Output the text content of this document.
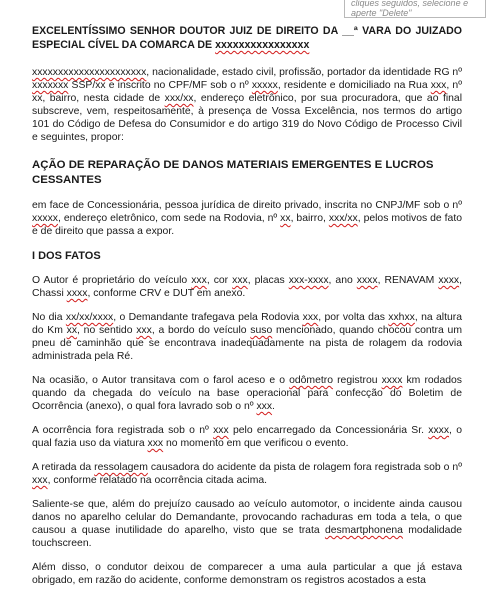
cliques seguidos, selecione e aperte "Delete"

EXCELENTÍSSIMO SENHOR DOUTOR JUIZ DE DIREITO DA __ª VARA DO JUIZADO ESPECIAL CÍVEL DA COMARCA DE xxxxxxxxxxxxxxxx

xxxxxxxxxxxxxxxxxxxxxx, nacionalidade, estado civil, profissão, portador da identidade RG nº xxxxxxx SSP/xx e inscrito no CPF/MF sob o nº xxxxx, residente e domiciliado na Rua xxx, nº xx, bairro, nesta cidade de xxx/xx, endereço eletrônico, por sua procuradora, que ao final subscreve, vem, respeitosamente, à presença de Vossa Excelência, nos termos do artigo 101 do Código de Defesa do Consumidor e do artigo 319 do Novo Código de Processo Civil e seguintes, propor:

AÇÃO DE REPARAÇÃO DE DANOS MATERIAIS EMERGENTES E LUCROS CESSANTES

em face de Concessionária, pessoa jurídica de direito privado, inscrita no CNPJ/MF sob o nº xxxxx, endereço eletrônico, com sede na Rodovia, nº xx, bairro, xxx/xx, pelos motivos de fato e de direito que passa a expor.

I DOS FATOS

O Autor é proprietário do veículo xxx, cor xxx, placas xxx-xxxx, ano xxxx, RENAVAM xxxx, Chassi xxxx, conforme CRV e DUT em anexo.

No dia xx/xx/xxxx, o Demandante trafegava pela Rodovia xxx, por volta das xxhxx, na altura do Km xx, no sentido xxx, a bordo do veículo suso mencionado, quando chocou contra um pneu de caminhão que se encontrava inadequadamente na pista de rolagem da rodovia administrada pela Ré.

Na ocasião, o Autor transitava com o farol aceso e o odômetro registrou xxxx km rodados quando da chegada do veículo na base operacional para confecção do Boletim de Ocorrência (anexo), o qual fora lavrado sob o nº xxx.

A ocorrência fora registrada sob o nº xxx pelo encarregado da Concessionária Sr. xxxx, o qual fazia uso da viatura xxx no momento em que verificou o evento.

A retirada da ressolagem causadora do acidente da pista de rolagem fora registrada sob o nº xxx, conforme relatado na ocorrência citada acima.

Saliente-se que, além do prejuízo causado ao veículo automotor, o incidente ainda causou danos no aparelho celular do Demandante, provocando rachaduras em toda a tela, o que causou a quase inutilidade do aparelho, visto que se trata desmartphonena modalidade touchscreen.

Além disso, o condutor deixou de comparecer a uma aula particular a que já estava obrigado, em razão do acidente, conforme demonstram os registros acostados a esta
